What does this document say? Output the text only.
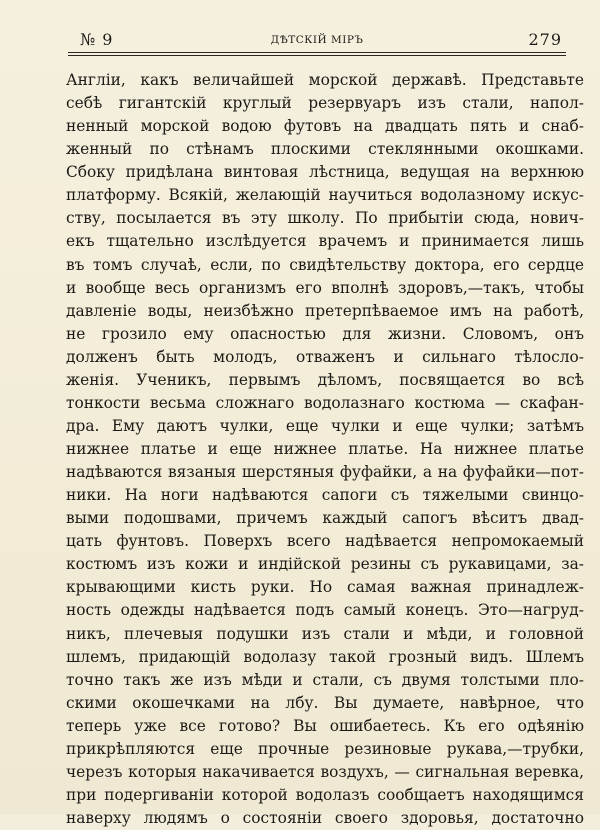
№ 9	ДѢТСКІЙ МІРЪ	279
Англіи, какъ величайшей морской державѣ. Представьте
себѣ гигантскій круглый резервуаръ изъ стали, напол-
ненный морской водою футовъ на двадцать пять и снаб-
женный по стѣнамъ плоскими стеклянными окошками.
Сбоку придѣлана винтовая лѣстница, ведущая на верхнюю
платформу. Всякій, желающій научиться водолазному искус-
ству, посылается въ эту школу. По прибытіи сюда, нович-
екъ тщательно изслѣдуется врачемъ и принимается лишь
въ томъ случаѣ, если, по свидѣтельству доктора, его сердце
и вообще весь организмъ его вполнѣ здоровъ,—такъ, чтобы
давленіе воды, неизбѣжно претерпѣваемое имъ на работѣ,
не грозило ему опасностью для жизни. Словомъ, онъ
долженъ быть молодъ, отваженъ и сильнаго тѣлосло-
женія. Ученикъ, первымъ дѣломъ, посвящается во всѣ
тонкости весьма сложнаго водолазнаго костюма — скафан-
дра. Ему даютъ чулки, еще чулки и еще чулки; затѣмъ
нижнее платье и еще нижнее платье. На нижнее платье
надѣваются вязаныя шерстяныя фуфайки, а на фуфайки—пот-
ники. На ноги надѣваются сапоги съ тяжелыми свинцо-
выми подошвами, причемъ каждый сапогъ вѣситъ двад-
цать фунтовъ. Поверхъ всего надѣвается непромокаемый
костюмъ изъ кожи и индійской резины съ рукавицами, за-
крывающими кисть руки. Но самая важная принадлеж-
ность одежды надѣвается подъ самый конецъ. Это—нагруд-
никъ, плечевыя подушки изъ стали и мѣди, и головной
шлемъ, придающій водолазу такой грозный видъ. Шлемъ
точно такъ же изъ мѣди и стали, съ двумя толстыми пло-
скими окошечками на лбу. Вы думаете, навѣрное, что
теперь уже все готово? Вы ошибаетесь. Къ его одѣянію
прикрѣпляются еще прочные резиновые рукава,—трубки,
черезъ которыя накачивается воздухъ, — сигнальная веревка,
при подергиваніи которой водолазъ сообщаетъ находящимся
наверху людямъ о состояніи своего здоровья, достаточно
